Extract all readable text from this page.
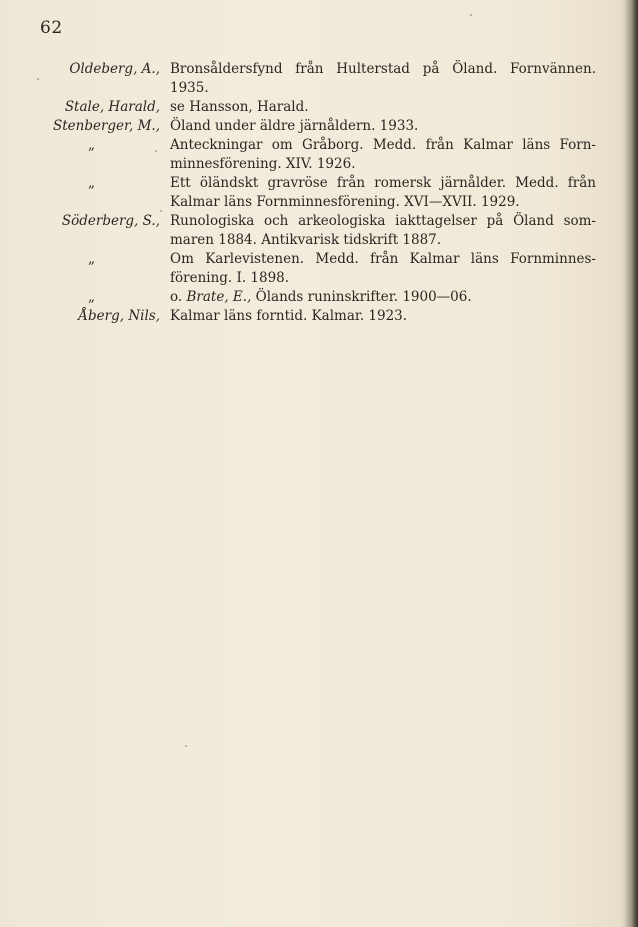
62
Oldeberg, A., Bronsåldersfynd från Hulterstad på Öland. Fornvännen.
1935.
Stale, Harald, se Hansson, Harald.
Stenberger, M., Öland under äldre järnåldern. 1933.
„	Anteckningar om Gråborg. Medd. från Kalmar läns Forn-
minnesförening. XIV. 1926.
„	Ett öländskt gravröse från romersk järnålder. Medd. från
Kalmar läns Fornminnesförening. XVI—XVII. 1929.
Söderberg, S., Runologiska och arkeologiska iakttagelser på Öland som-
maren 1884. Antikvarisk tidskrift 1887.
„	Om Karlevistenen. Medd. från Kalmar läns Fornminnes-
förening. I. 1898.
„	o. Brate, E., Ölands runinskrifter. 1900—06.
Åberg, Nils, Kalmar läns forntid. Kalmar. 1923.
